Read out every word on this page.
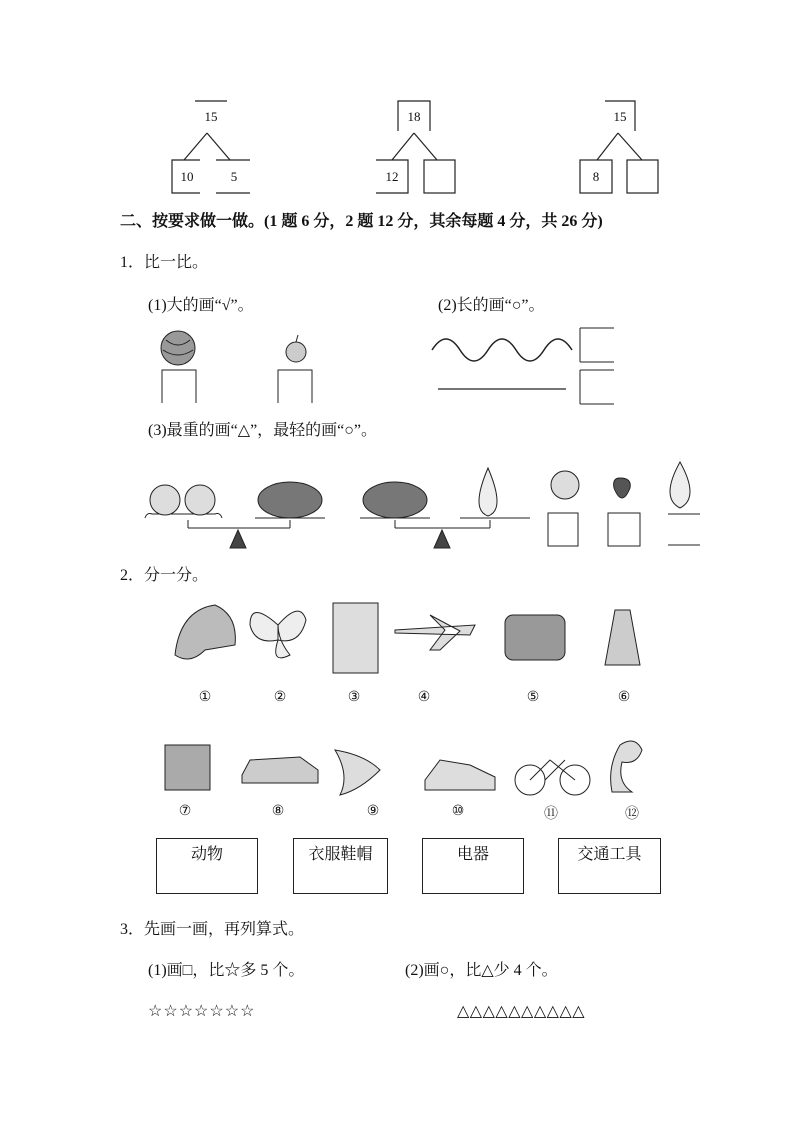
15
10	5
18
12
15
8
二、按要求做一做。(1 题 6 分，2 题 12 分，其余每题 4 分，共 26 分)
1．比一比。
(1)大的画“√”。	(2)长的画“○”。
(3)最重的画“△”，最轻的画“○”。
2．分一分。
①	②	③	④	⑤	⑥
⑦	⑧	⑨	⑩	⑪	⑫
动物	衣服鞋帽	电器	交通工具
3．先画一画，再列算式。
(1)画□，比☆多 5 个。	(2)画○，比△少 4 个。
☆☆☆☆☆☆☆	△△△△△△△△△△
